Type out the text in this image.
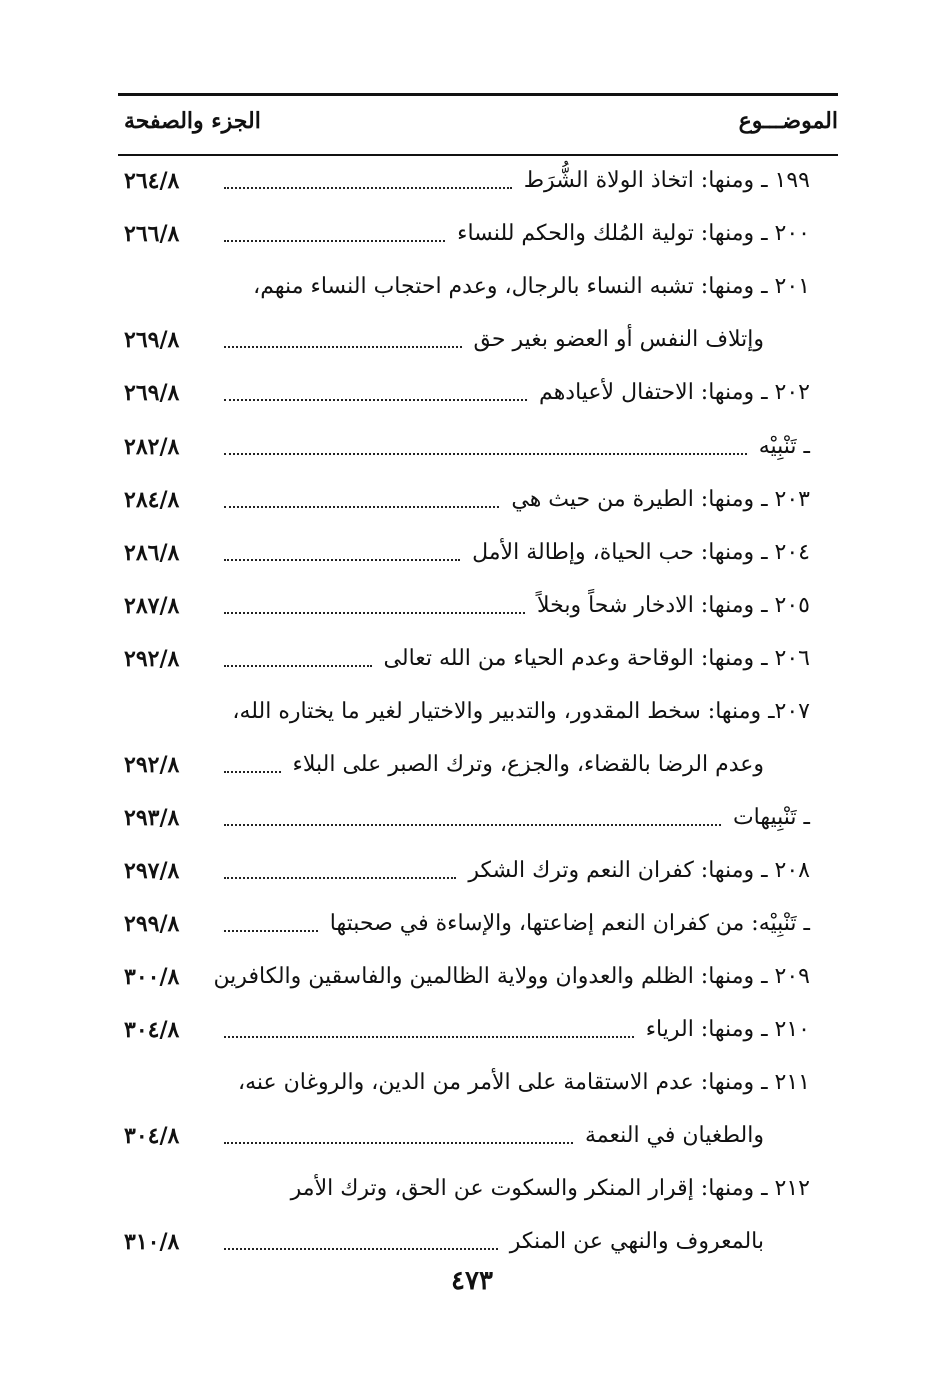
الموضـــوع
الجزء والصفحة
١٩٩ ـ ومنها: اتخاذ الولاة الشُّرَط
٢٦٤/٨
٢٠٠ ـ ومنها: تولية المُلك والحكم للنساء
٢٦٦/٨
٢٠١ ـ ومنها: تشبه النساء بالرجال، وعدم احتجاب النساء منهم،
وإتلاف النفس أو العضو بغير حق
٢٦٩/٨
٢٠٢ ـ ومنها: الاحتفال لأعيادهم
٢٦٩/٨
ـ تَنْبِيْه
٢٨٢/٨
٢٠٣ ـ ومنها: الطيرة من حيث هي
٢٨٤/٨
٢٠٤ ـ ومنها: حب الحياة، وإطالة الأمل
٢٨٦/٨
٢٠٥ ـ ومنها: الادخار شحاً وبخلاً
٢٨٧/٨
٢٠٦ ـ ومنها: الوقاحة وعدم الحياء من الله تعالى
٢٩٢/٨
٢٠٧ـ ومنها: سخط المقدور، والتدبير والاختيار لغير ما يختاره الله،
وعدم الرضا بالقضاء، والجزع، وترك الصبر على البلاء
٢٩٢/٨
ـ تَنْبِيهات
٢٩٣/٨
٢٠٨ ـ ومنها: كفران النعم وترك الشكر
٢٩٧/٨
ـ تَنْبِيْه: من كفران النعم إضاعتها، والإساءة في صحبتها
٢٩٩/٨
٢٠٩ ـ ومنها: الظلم والعدوان وولاية الظالمين والفاسقين والكافرين
٣٠٠/٨
٢١٠ ـ ومنها: الرياء
٣٠٤/٨
٢١١ ـ ومنها: عدم الاستقامة على الأمر من الدين، والروغان عنه،
والطغيان في النعمة
٣٠٤/٨
٢١٢ ـ ومنها: إقرار المنكر والسكوت عن الحق، وترك الأمر
بالمعروف والنهي عن المنكر
٣١٠/٨
٤٧٣
